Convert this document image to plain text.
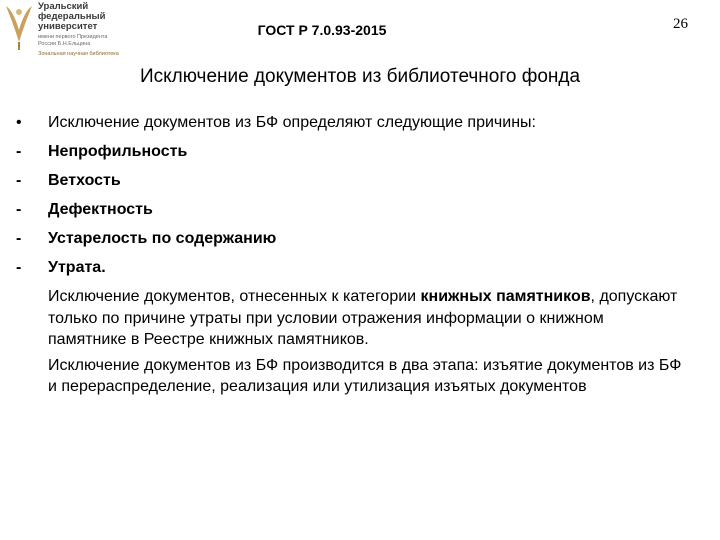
Уральский
федеральный
университет
имени первого Президента России Б.Н.Ельцина
Зональная научная библиотека
ГОСТ Р 7.0.93-2015	26
Исключение документов из библиотечного фонда
•	Исключение документов из БФ определяют следующие причины:
-	Непрофильность
-	Ветхость
-	Дефектность
-	Устарелость по содержанию
-	Утрата.

Исключение документов, отнесенных к категории книжных памятников, допускают только по причине утраты при условии отражения информации о книжном памятнике в Реестре книжных памятников.

Исключение документов из БФ производится в два этапа: изъятие документов из БФ и перераспределение, реализация или утилизация изъятых документов
